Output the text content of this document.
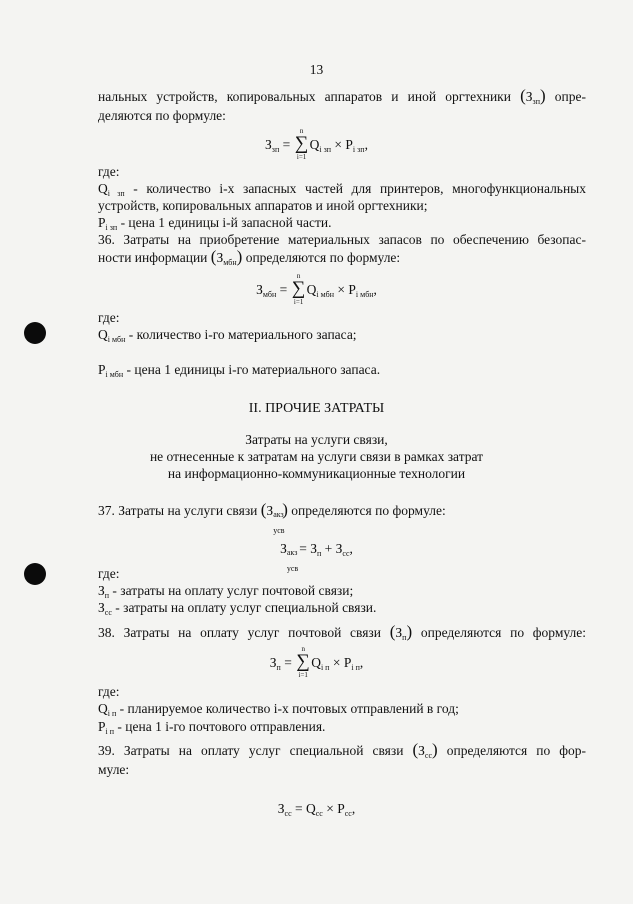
13
нальных устройств, копировальных аппаратов и иной оргтехники $(З_{зп})$ опре-
деляются по формуле:
$З_{зп}$ =
n
∑
i=1
$Q_{i зп} \times P_{i зп}$,
где:
$Q_{i зп}$ - количество i-х запасных частей для принтеров, многофункциональных
устройств, копировальных аппаратов и иной оргтехники;
$P_{i зп}$ - цена 1 единицы i-й запасной части.
36. Затраты на приобретение материальных запасов по обеспечению безопас-
ности информации $(З_{мбн})$ определяются по формуле:
$З_{мбн}$ =
n
∑
i=1
$Q_{i мбн} \times P_{i мбн}$,
где:
$Q_{i мбн}$ - количество i-го материального запаса;
$P_{i мбн}$ - цена 1 единицы i-го материального запаса.
II. ПРОЧИЕ ЗАТРАТЫ
Затраты на услуги связи,
не отнесенные к затратам на услуги связи в рамках затрат
на информационно-коммуникационные технологии
37. Затраты на услуги связи (З акз
усв
) определяются по формуле:
З акз
усв
= $З_п + З_{сс}$,
где:
$З_п$ - затраты на оплату услуг почтовой связи;
$З_{сс}$ - затраты на оплату услуг специальной связи.
38. Затраты на оплату услуг почтовой связи $(З_п)$ определяются по формуле:
$З_п$ =
n
∑
i=1
$Q_{i п} \times P_{i п}$,
где:
$Q_{i п}$ - планируемое количество i-х почтовых отправлений в год;
$P_{i п}$ - цена 1 i-го почтового отправления.
39. Затраты на оплату услуг специальной связи $(З_{сс})$ определяются по фор-
муле:
$З_{сс} = Q_{сс} \times P_{сс}$,
